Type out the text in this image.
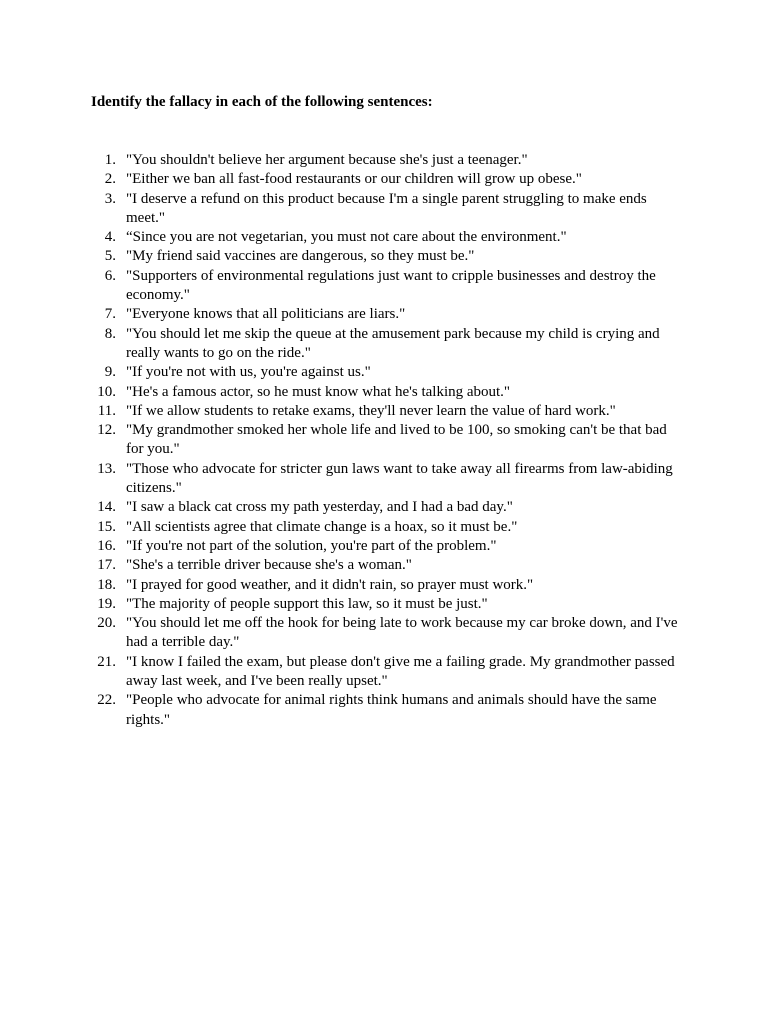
Identify the fallacy in each of the following sentences:
1. "You shouldn't believe her argument because she's just a teenager."
2. "Either we ban all fast-food restaurants or our children will grow up obese."
3. "I deserve a refund on this product because I'm a single parent struggling to make ends meet."
4. “Since you are not vegetarian, you must not care about the environment."
5. "My friend said vaccines are dangerous, so they must be."
6. "Supporters of environmental regulations just want to cripple businesses and destroy the economy."
7. "Everyone knows that all politicians are liars."
8. "You should let me skip the queue at the amusement park because my child is crying and really wants to go on the ride."
9. "If you're not with us, you're against us."
10. "He's a famous actor, so he must know what he's talking about."
11. "If we allow students to retake exams, they'll never learn the value of hard work."
12. "My grandmother smoked her whole life and lived to be 100, so smoking can't be that bad for you."
13. "Those who advocate for stricter gun laws want to take away all firearms from law-abiding citizens."
14. "I saw a black cat cross my path yesterday, and I had a bad day."
15. "All scientists agree that climate change is a hoax, so it must be."
16. "If you're not part of the solution, you're part of the problem."
17. "She's a terrible driver because she's a woman."
18. "I prayed for good weather, and it didn't rain, so prayer must work."
19. "The majority of people support this law, so it must be just."
20. "You should let me off the hook for being late to work because my car broke down, and I've had a terrible day."
21. "I know I failed the exam, but please don't give me a failing grade. My grandmother passed away last week, and I've been really upset."
22. "People who advocate for animal rights think humans and animals should have the same rights."
